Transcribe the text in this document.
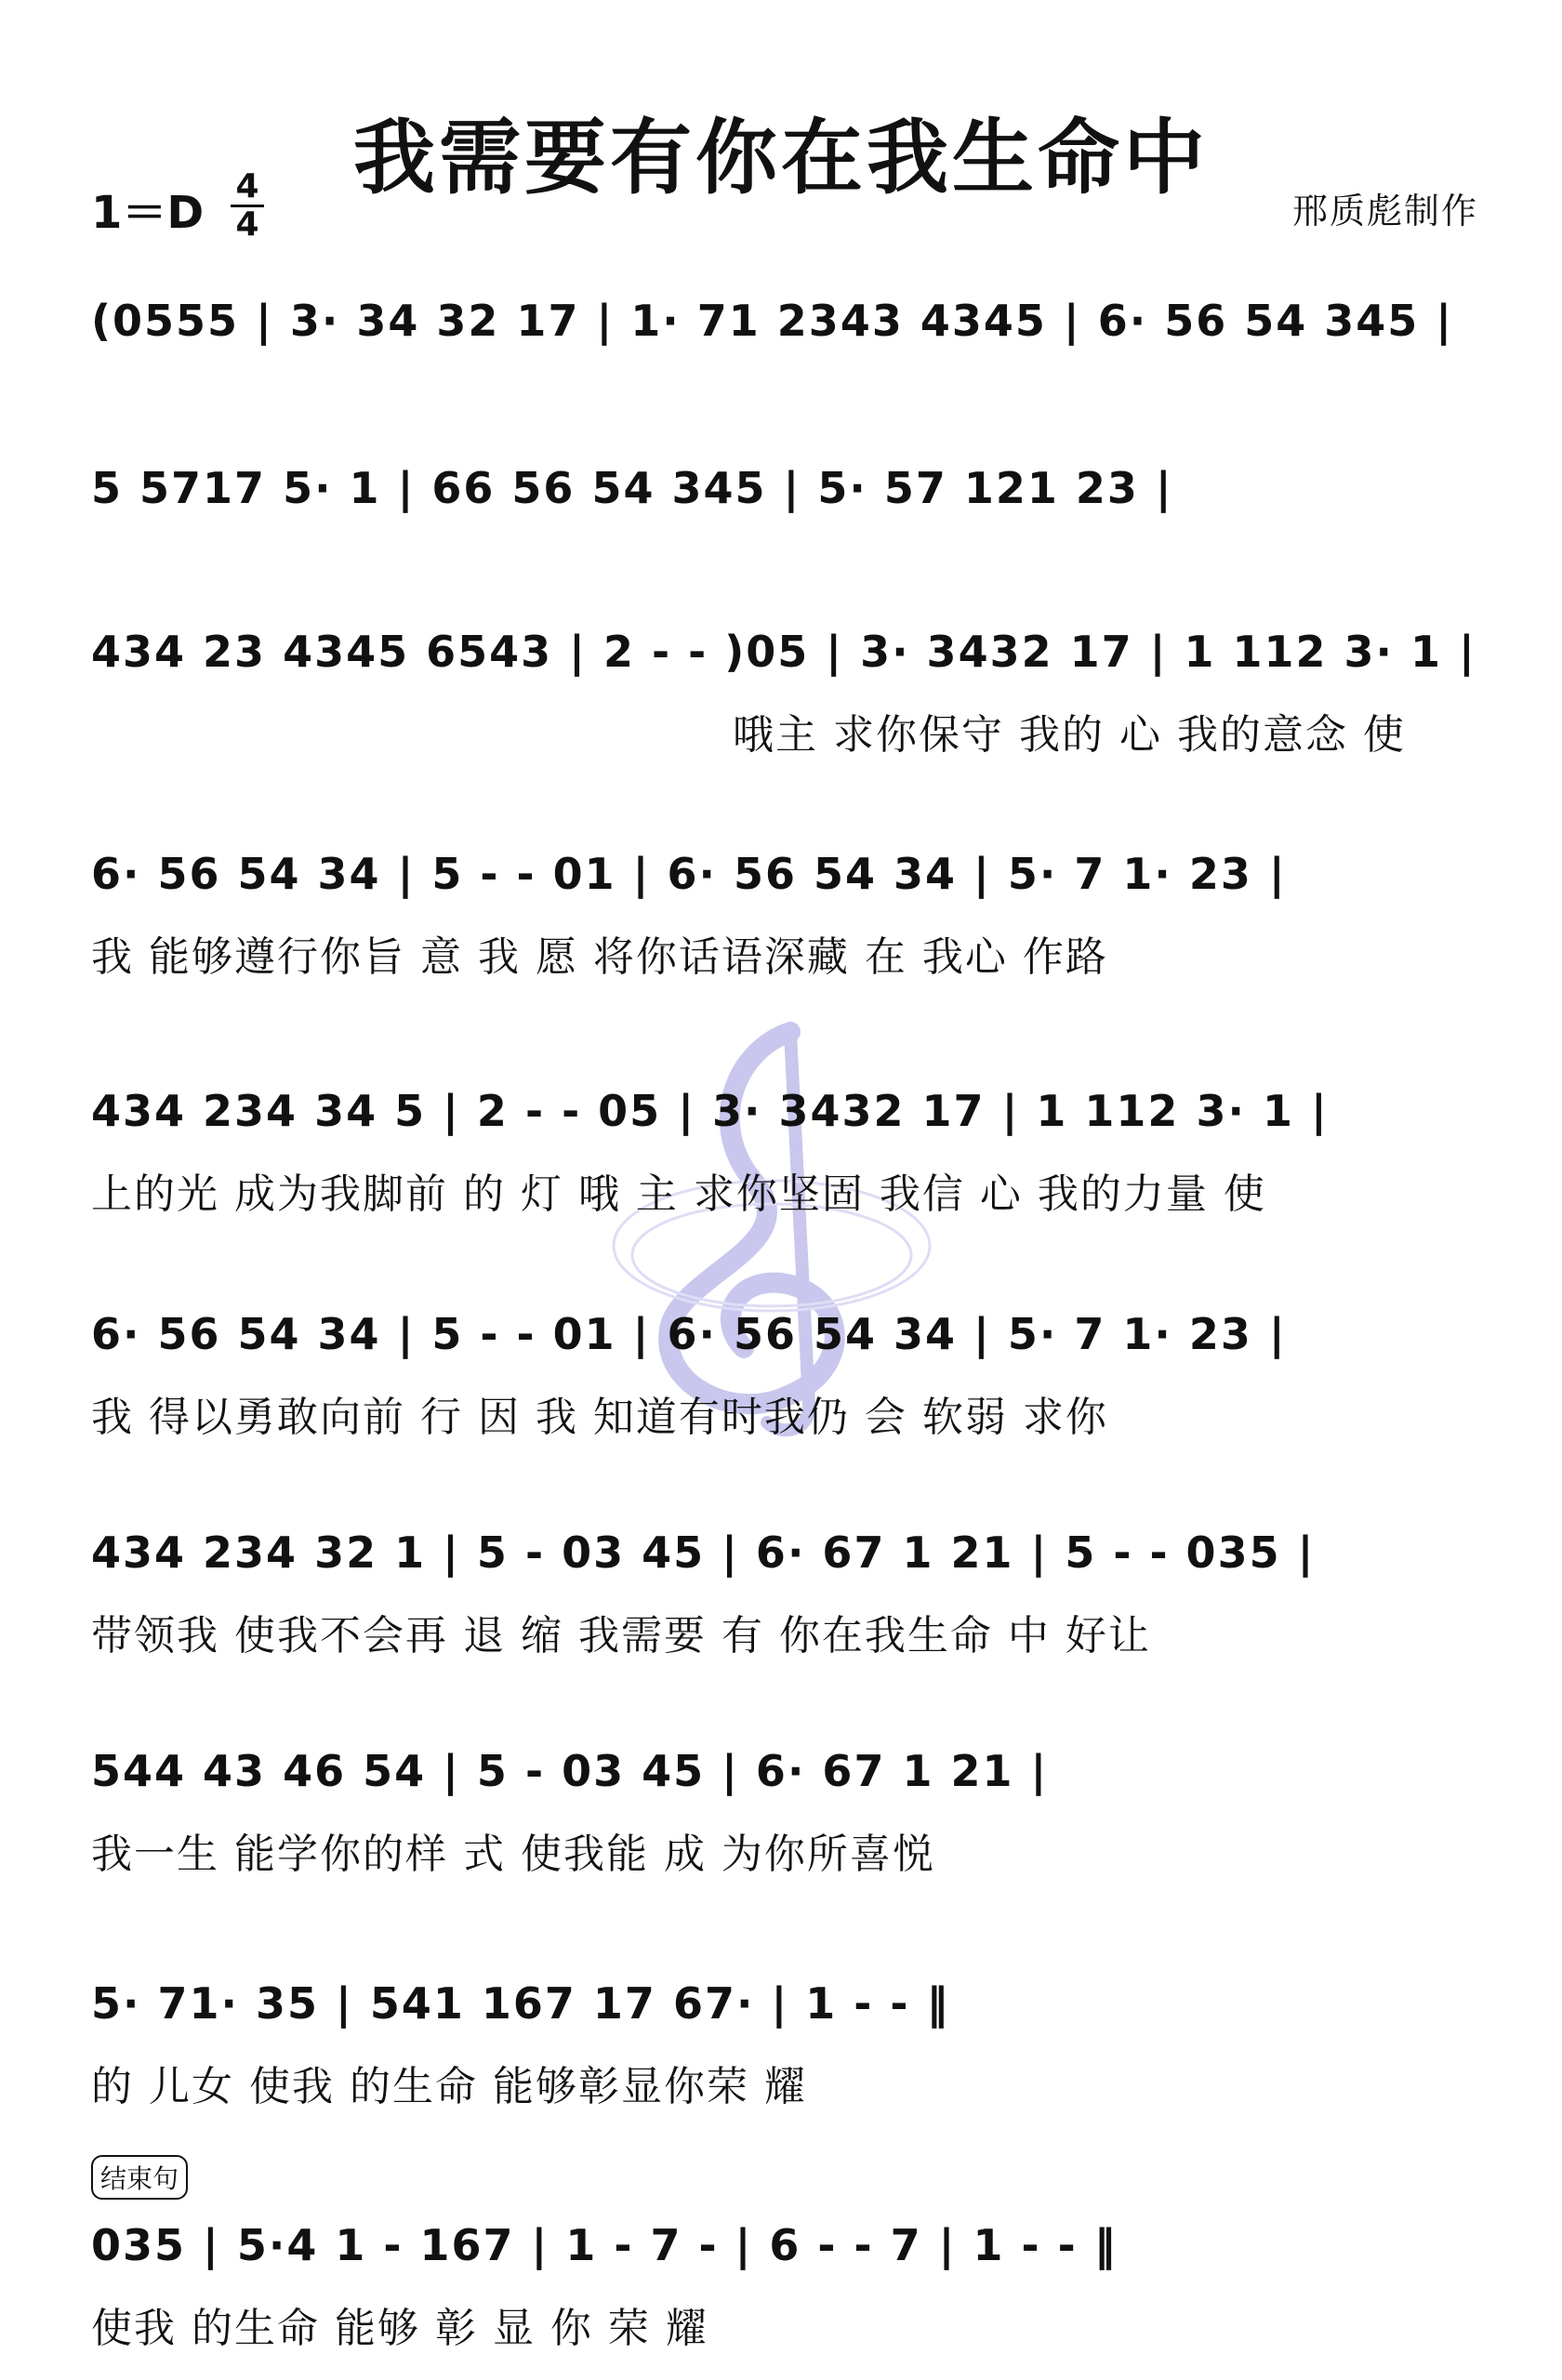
我需要有你在我生命中
1＝D
4
4	邢质彪制作
(0555 | 3· 34 32 17 | 1· 71 2343 4345 | 6· 56 54 345 |
5 5717 5· 1 | 66 56 54 345 | 5· 57 121 23 |
434 23 4345 6543 | 2 - - )05 | 3· 3432 17 | 1 112 3· 1 |
哦主 求你保守 我的 心 我的意念 使
6· 56 54 34 | 5 - - 01 | 6· 56 54 34 | 5· 7 1· 23 |
我 能够遵行你旨 意 我 愿 将你话语深藏 在 我心 作路
434 234 34 5 | 2 - - 05 | 3· 3432 17 | 1 112 3· 1 |
上的光 成为我脚前 的 灯 哦 主 求你坚固 我信 心 我的力量 使
6· 56 54 34 | 5 - - 01 | 6· 56 54 34 | 5· 7 1· 23 |
我 得以勇敢向前 行 因 我 知道有时我仍 会 软弱 求你
434 234 32 1 | 5 - 03 45 | 6· 67 1 21 | 5 - - 035 |
带领我 使我不会再 退 缩 我需要 有 你在我生命 中 好让
544 43 46 54 | 5 - 03 45 | 6· 67 1 21 |
我一生 能学你的样 式 使我能 成 为你所喜悦
5· 71· 35 | 541 167 17 67· | 1 - - ‖
的 儿女 使我 的生命 能够彰显你荣 耀
结束句
035 | 5·4 1 - 167 | 1 - 7 - | 6 - - 7 | 1 - - ‖
使我 的生命 能够 彰 显 你 荣 耀
